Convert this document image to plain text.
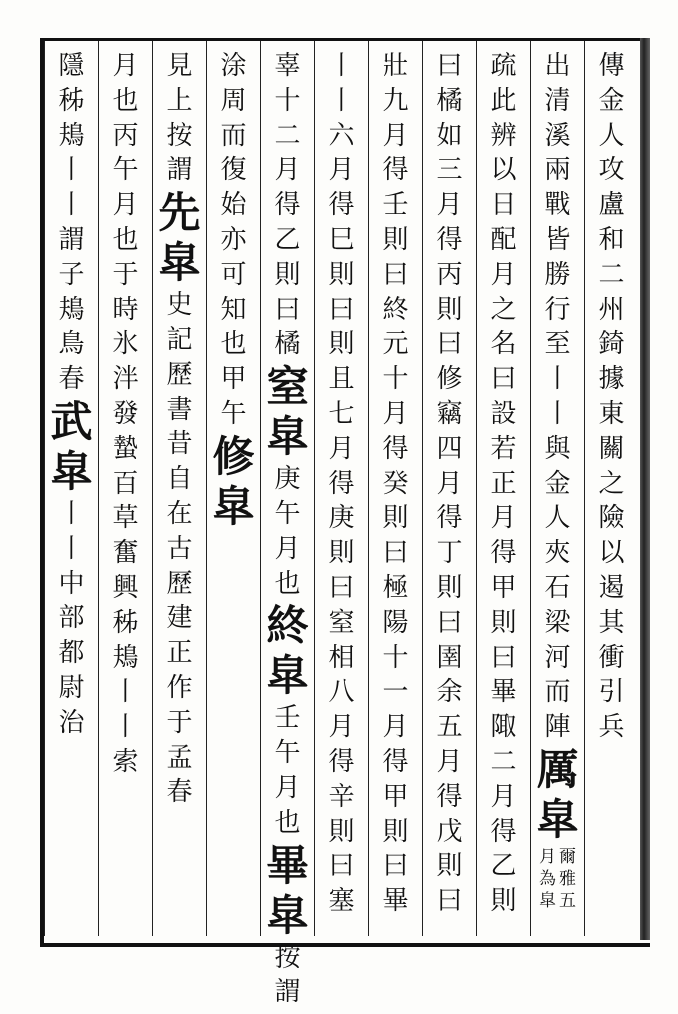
傳
金
人
攻
盧
和
二
州
錡
據
東
關
之
險
以
遏
其
衝
引
兵
出
清
溪
兩
戰
皆
勝
行
至
丨
丨
與
金
人
夾
石
梁
河
而
陣
厲
皐
爾
雅
五
月
為
皐
疏
此
辨
以
日
配
月
之
名
曰
設
若
正
月
得
甲
則
曰
畢
陬
二
月
得
乙
則
曰
橘
如
三
月
得
丙
則
曰
修
竊
四
月
得
丁
則
曰
圉
余
五
月
得
戊
則
曰
壯
九
月
得
壬
則
曰
終
元
十
月
得
癸
則
曰
極
陽
十
一
月
得
甲
則
曰
畢
丨
丨
六
月
得
巳
則
曰
則
且
七
月
得
庚
則
曰
窒
相
八
月
得
辛
則
曰
塞
辜
十
二
月
得
乙
則
曰
橘
窒
皐
庚
午
月
也
終
皐
壬
午
月
也
畢
皐
按
謂
涂
周
而
復
始
亦
可
知
也
甲
午
修
皐
見
上
按
謂
先
皐
史
記
歷
書
昔
自
在
古
歷
建
正
作
于
孟
春
月
也
丙
午
月
也
于
時
氷
泮
發
蟄
百
草
奮
興
秭
鳺
丨
丨
索
隱
秭
鳺
丨
丨
謂
子
鳺
鳥
春
武
皐
丨
丨
中
部
都
尉
治
